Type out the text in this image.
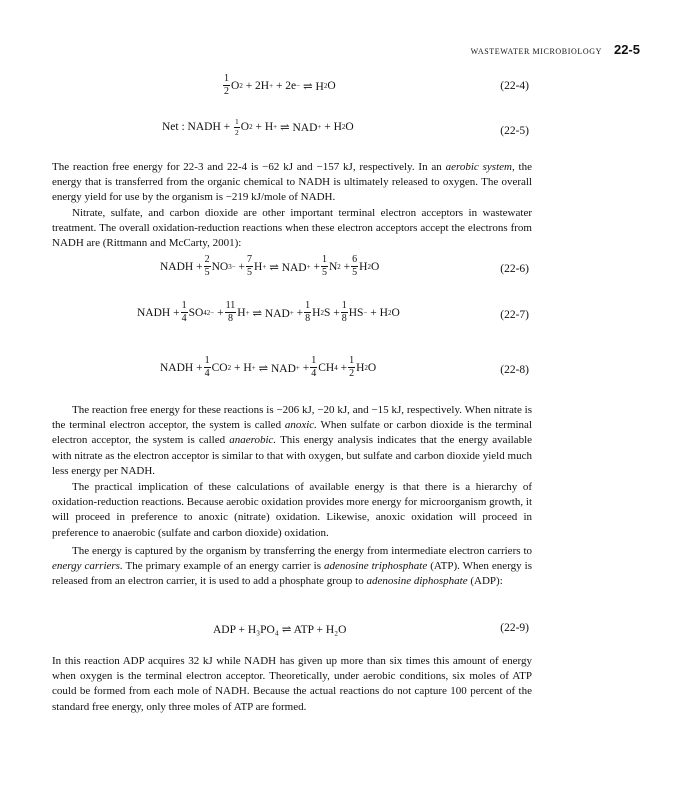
WASTEWATER MICROBIOLOGY 22-5
$\frac{1}{2}$ O 2 + 2H + + 2e − ⇌ H 2 O	(22-4)
Net : NADH +
$\frac{1}{2}$ O 2 + H + ⇌ NAD + + H 2 O	(22-5)

The reaction free energy for 22-3 and 22-4 is −62 kJ and −157 kJ, respectively. In an aerobic system, the energy that is transferred from the organic chemical to NADH is ultimately released to oxygen. The overall energy yield for use by the organism is −219 kJ/mole of NADH.

Nitrate, sulfate, and carbon dioxide are other important terminal electron acceptors in wastewater treatment. The overall oxidation-reduction reactions when these electron acceptors accept the electrons from NADH are (Rittmann and McCarty, 2001):

NADH + $\frac{2}{5}$ NO 3 − + $\frac{7}{5}$ H + ⇌ NAD + + $\frac{1}{5}$ N $2 + \frac{6}{5}$ H 2 O	(22-6)
NADH + $\frac{1}{4}$ SO 4 $2- + \frac{11}{8}$ H + ⇌ NAD + + $\frac{1}{8}$ H 2 $S + \frac{1}{8}$ HS − + H 2 O	(22-7)
NADH + $\frac{1}{4}$ CO 2 + H + ⇌ NAD + + $\frac{1}{4}$ CH $4 + \frac{1}{2}$ H 2 O	(22-8)

The reaction free energy for these reactions is −206 kJ, −20 kJ, and −15 kJ, respectively. When nitrate is the terminal electron acceptor, the system is called anoxic. When sulfate or carbon dioxide is the terminal electron acceptor, the system is called anaerobic. This energy analysis indicates that the energy available with nitrate as the electron acceptor is similar to that with oxygen, but sulfate and carbon dioxide yield much less energy per NADH.

The practical implication of these calculations of available energy is that there is a hierarchy of oxidation-reduction reactions. Because aerobic oxidation provides more energy for microorganism growth, it will proceed in preference to anoxic (nitrate) oxidation. Likewise, anoxic oxidation will proceed in preference to anaerobic (sulfate and carbon dioxide) oxidation.

The energy is captured by the organism by transferring the energy from intermediate electron carriers to energy carriers. The primary example of an energy carrier is adenosine triphosphate (ATP). When energy is released from an electron carrier, it is used to add a phosphate group to adenosine diphosphate (ADP):

ADP + H₃PO₄ ⇌ ATP + H₂O	(22-9)

In this reaction ADP acquires 32 kJ while NADH has given up more than six times this amount of energy when oxygen is the terminal electron acceptor. Theoretically, under aerobic conditions, six moles of ATP could be formed from each mole of NADH. Because the actual reactions do not capture 100 percent of the standard free energy, only three moles of ATP are formed.
